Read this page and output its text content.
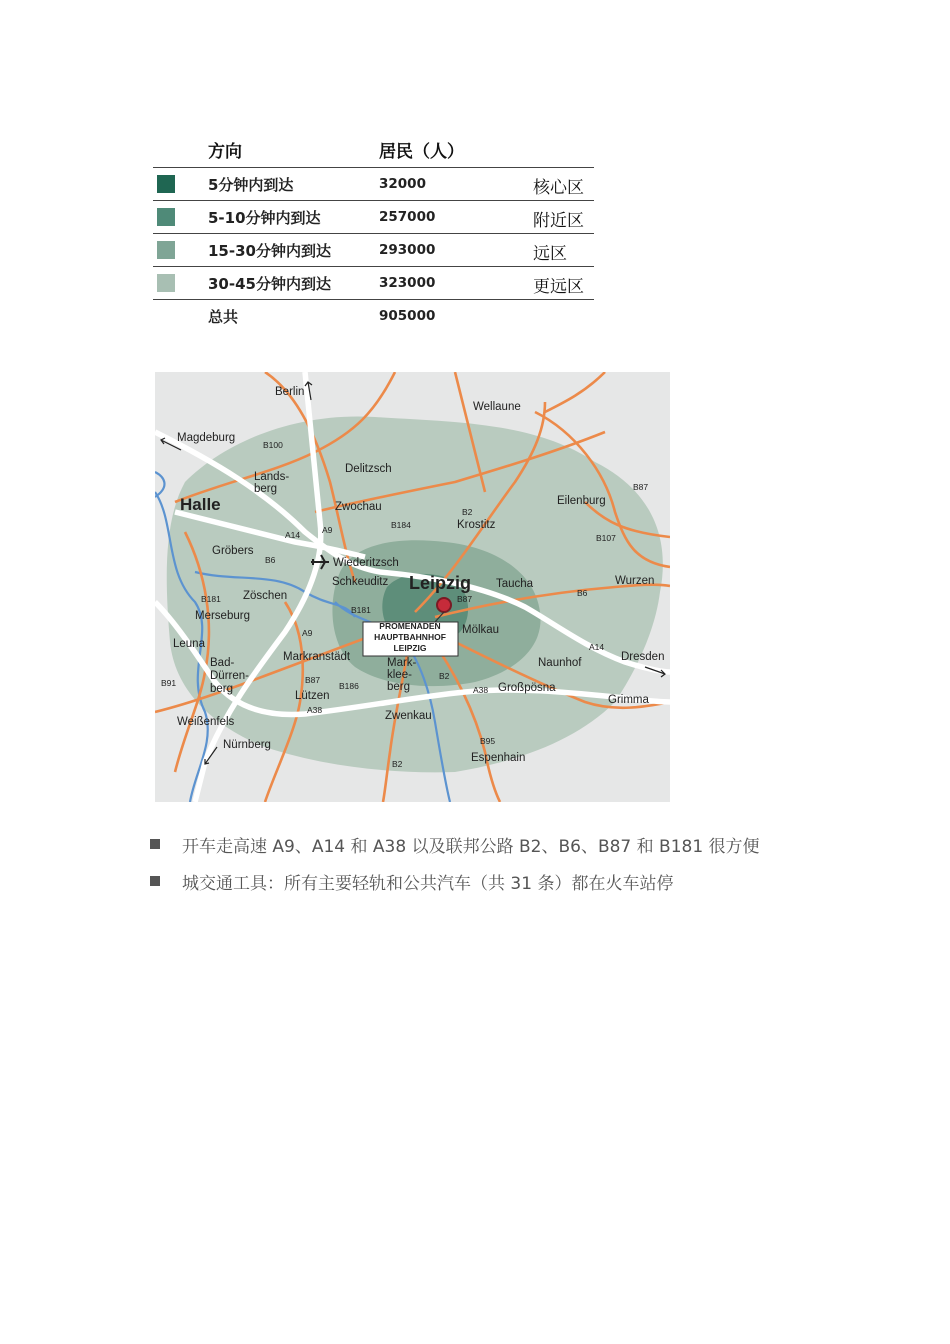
方向	居民（人）
5分钟内到达	32000	核心区
5-10分钟内到达	257000	附近区
15-30分钟内到达	293000	远区
30-45分钟内到达	323000	更远区
总共	905000
Berlin
Wellaune
Magdeburg
B100
Delitzsch
Lands-
berg	B87
Halle	Zwochau	Eilenburg
B2
B184	Krostitz
A14	A9
B107
Gröbers
B6	Wiederitzsch
Schkeuditz Leipzig Taucha	Wurzen
B87
B6
B181 Zöschen
B181
Merseburg
PROMENADEN
HAUPTBAHNHOF
LEIPZIG
Mölkau
A9
A14
Leuna
Markranstädt
Bad-
Dürren-
berg
Mark-
klee-
berg
Naunhof	Dresden
B87	B2
B91	B186	A38 Großpösna
Lützen	Grimma
A38
Weißenfels	Zwenkau
Nürnberg	B95
Espenhain
B2
开车走高速 A9、A14 和 A38 以及联邦公路 B2、B6、B87 和 B181 很方便
城交通工具：所有主要轻轨和公共汽车（共 31 条）都在火车站停
